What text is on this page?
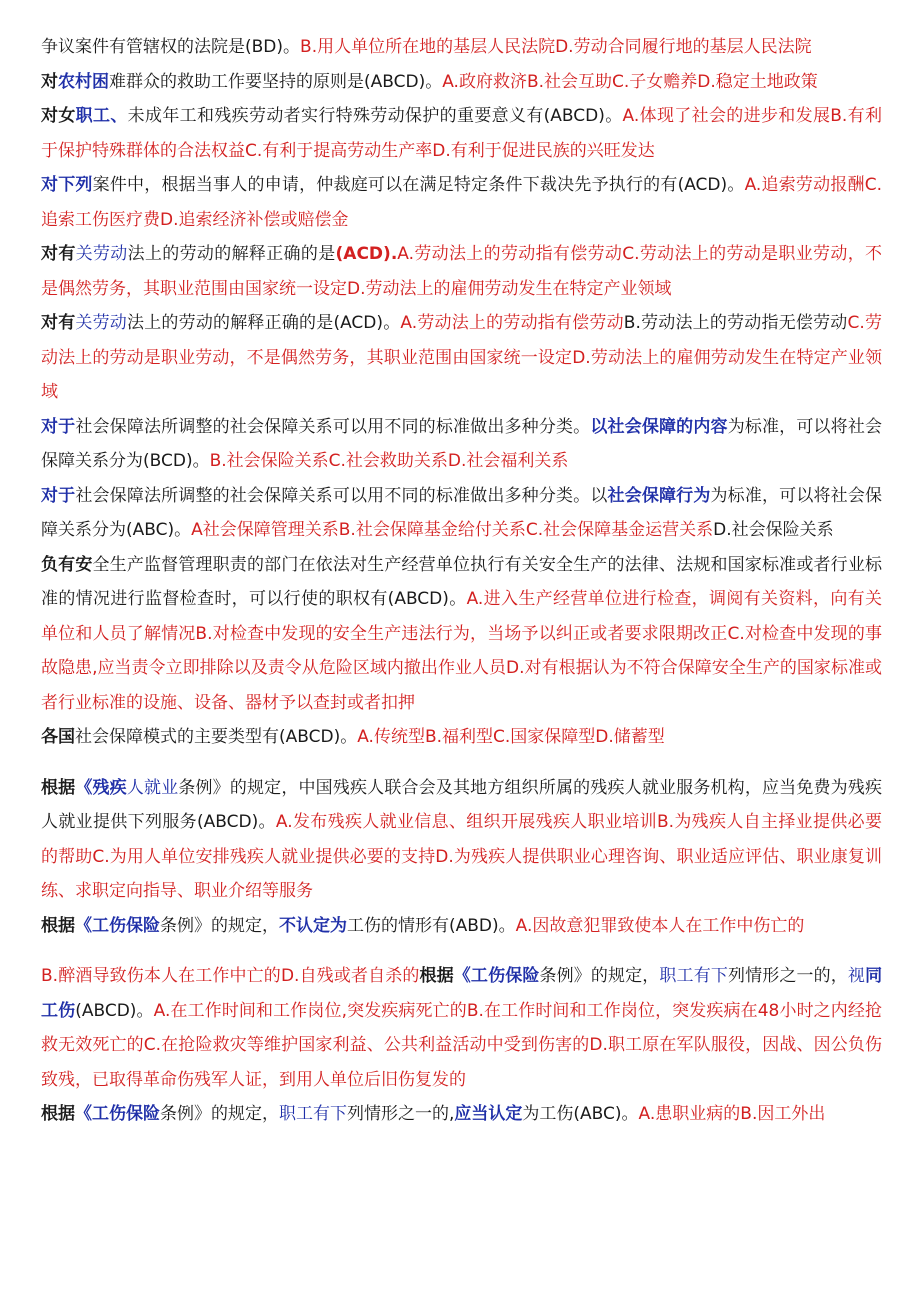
争议案件有管辖权的法院是(BD)。B.用人单位所在地的基层人民法院D.劳动合同履行地的基层人民法院

对农村困难群众的救助工作要坚持的原则是(ABCD)。A.政府救济B.社会互助C.子女赡养D.稳定土地政策

对女职工、未成年工和残疾劳动者实行特殊劳动保护的重要意义有(ABCD)。A.体现了社会的进步和发展B.有利于保护特殊群体的合法权益C.有利于提高劳动生产率D.有利于促进民族的兴旺发达

对下列案件中，根据当事人的申请，仲裁庭可以在满足特定条件下裁决先予执行的有(ACD)。A.追索劳动报酬C.追索工伤医疗费D.追索经济补偿或赔偿金

对有关劳动法上的劳动的解释正确的是(ACD).A.劳动法上的劳动指有偿劳动C.劳动法上的劳动是职业劳动，不是偶然劳务，其职业范围由国家统一设定D.劳动法上的雇佣劳动发生在特定产业领域

对有关劳动法上的劳动的解释正确的是(ACD)。A.劳动法上的劳动指有偿劳动B.劳动法上的劳动指无偿劳动C.劳动法上的劳动是职业劳动，不是偶然劳务，其职业范围由国家统一设定D.劳动法上的雇佣劳动发生在特定产业领域

对于社会保障法所调整的社会保障关系可以用不同的标准做出多种分类。以社会保障的内容为标准，可以将社会保障关系分为(BCD)。B.社会保险关系C.社会救助关系D.社会福利关系

对于社会保障法所调整的社会保障关系可以用不同的标准做出多种分类。以社会保障行为为标准，可以将社会保障关系分为(ABC)。A社会保障管理关系B.社会保障基金给付关系C.社会保障基金运营关系D.社会保险关系

负有安全生产监督管理职责的部门在依法对生产经营单位执行有关安全生产的法律、法规和国家标准或者行业标准的情况进行监督检查时，可以行使的职权有(ABCD)。A.进入生产经营单位进行检查，调阅有关资料，向有关单位和人员了解情况B.对检查中发现的安全生产违法行为，当场予以纠正或者要求限期改正C.对检查中发现的事故隐患,应当责令立即排除以及责令从危险区域内撤出作业人员D.对有根据认为不符合保障安全生产的国家标准或者行业标准的设施、设备、器材予以查封或者扣押

各国社会保障模式的主要类型有(ABCD)。A.传统型B.福利型C.国家保障型D.储蓄型

根据《残疾人就业条例》的规定，中国残疾人联合会及其地方组织所属的残疾人就业服务机构，应当免费为残疾人就业提供下列服务(ABCD)。A.发布残疾人就业信息、组织开展残疾人职业培训B.为残疾人自主择业提供必要的帮助C.为用人单位安排残疾人就业提供必要的支持D.为残疾人提供职业心理咨询、职业适应评估、职业康复训练、求职定向指导、职业介绍等服务

根据《工伤保险条例》的规定，不认定为工伤的情形有(ABD)。A.因故意犯罪致使本人在工作中伤亡的

B.醉酒导致伤本人在工作中亡的D.自残或者自杀的根据《工伤保险条例》的规定，职工有下列情形之一的，视同工伤(ABCD)。A.在工作时间和工作岗位,突发疾病死亡的B.在工作时间和工作岗位，突发疾病在48小时之内经抢救无效死亡的C.在抢险救灾等维护国家利益、公共利益活动中受到伤害的D.职工原在军队服役，因战、因公负伤致残，已取得革命伤残军人证，到用人单位后旧伤复发的

根据《工伤保险条例》的规定，职工有下列情形之一的,应当认定为工伤(ABC)。A.患职业病的B.因工外出
